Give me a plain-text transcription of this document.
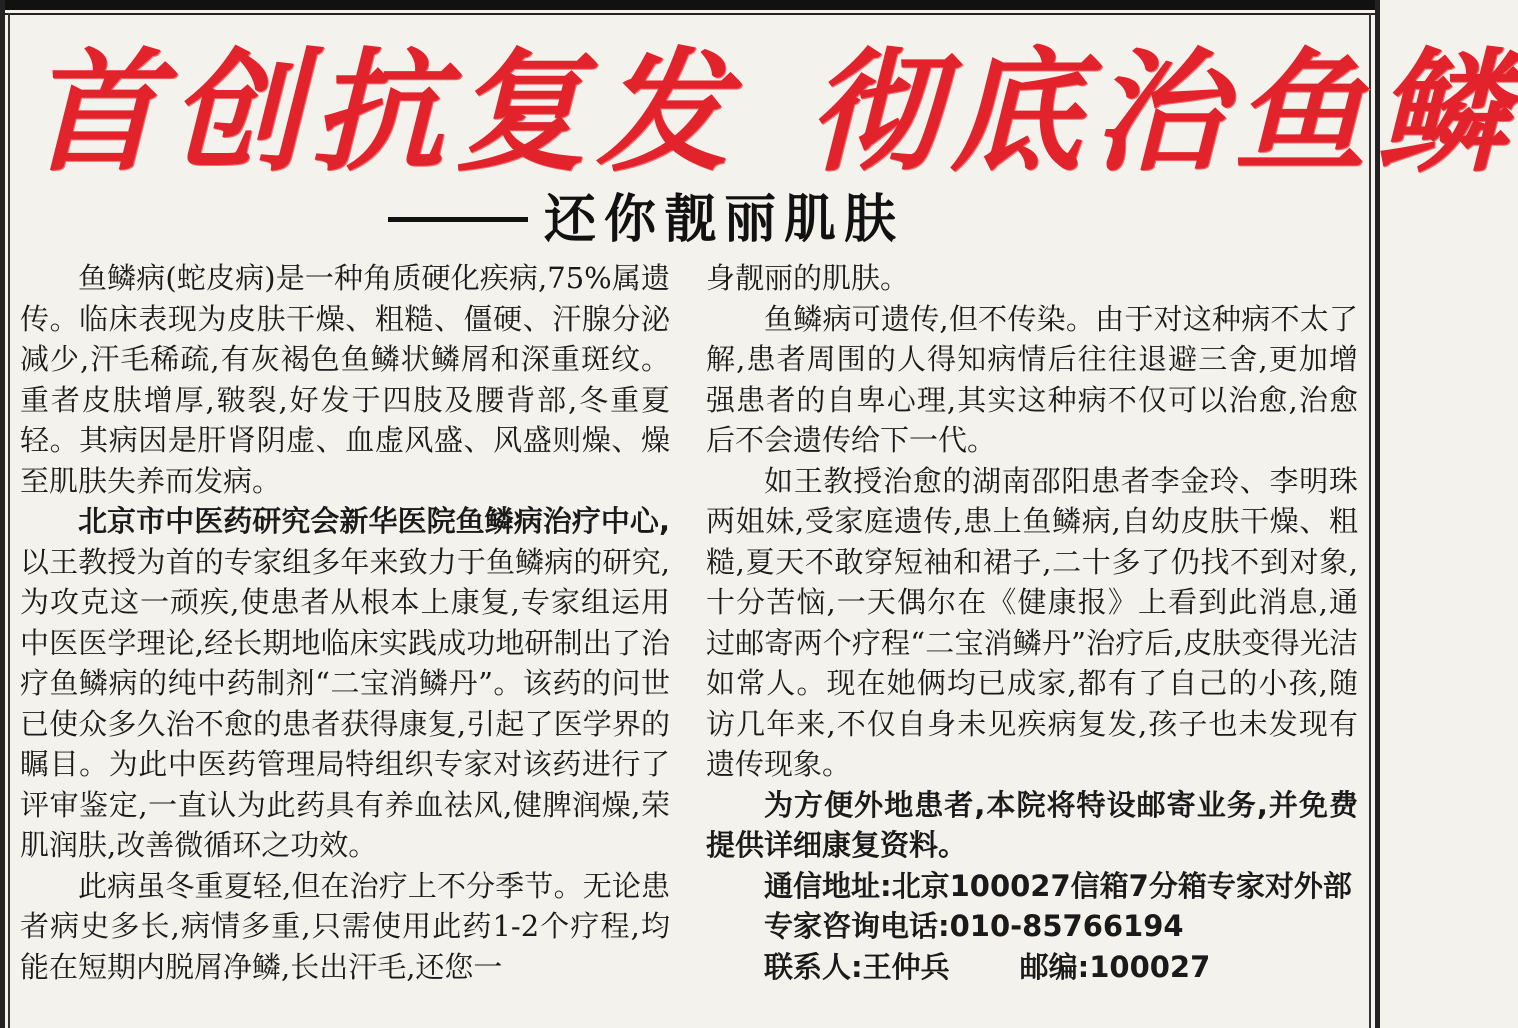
首创抗复发 彻底治鱼鳞
还你靓丽肌肤

鱼鳞病(蛇皮病)是一种角质硬化疾病,75%属遗传。临床表现为皮肤干燥、粗糙、僵硬、汗腺分泌减少,汗毛稀疏,有灰褐色鱼鳞状鳞屑和深重斑纹。重者皮肤增厚,皲裂,好发于四肢及腰背部,冬重夏轻。其病因是肝肾阴虚、血虚风盛、风盛则燥、燥至肌肤失养而发病。

北京市中医药研究会新华医院鱼鳞病治疗中心,以王教授为首的专家组多年来致力于鱼鳞病的研究,为攻克这一顽疾,使患者从根本上康复,专家组运用中医医学理论,经长期地临床实践成功地研制出了治疗鱼鳞病的纯中药制剂“二宝消鳞丹”。该药的问世已使众多久治不愈的患者获得康复,引起了医学界的瞩目。为此中医药管理局特组织专家对该药进行了评审鉴定,一直认为此药具有养血祛风,健脾润燥,荣肌润肤,改善微循环之功效。

此病虽冬重夏轻,但在治疗上不分季节。无论患者病史多长,病情多重,只需使用此药1-2个疗程,均能在短期内脱屑净鳞,长出汗毛,还您一

身靓丽的肌肤。

鱼鳞病可遗传,但不传染。由于对这种病不太了解,患者周围的人得知病情后往往退避三舍,更加增强患者的自卑心理,其实这种病不仅可以治愈,治愈后不会遗传给下一代。

如王教授治愈的湖南邵阳患者李金玲、李明珠两姐妹,受家庭遗传,患上鱼鳞病,自幼皮肤干燥、粗糙,夏天不敢穿短袖和裙子,二十多了仍找不到对象,十分苦恼,一天偶尔在《健康报》上看到此消息,通过邮寄两个疗程“二宝消鳞丹”治疗后,皮肤变得光洁如常人。现在她俩均已成家,都有了自己的小孩,随访几年来,不仅自身未见疾病复发,孩子也未发现有遗传现象。

为方便外地患者,本院将特设邮寄业务,并免费提供详细康复资料。

通信地址:北京100027信箱7分箱专家对外部

专家咨询电话:010-85766194

联系人:王仲兵 邮编:100027
